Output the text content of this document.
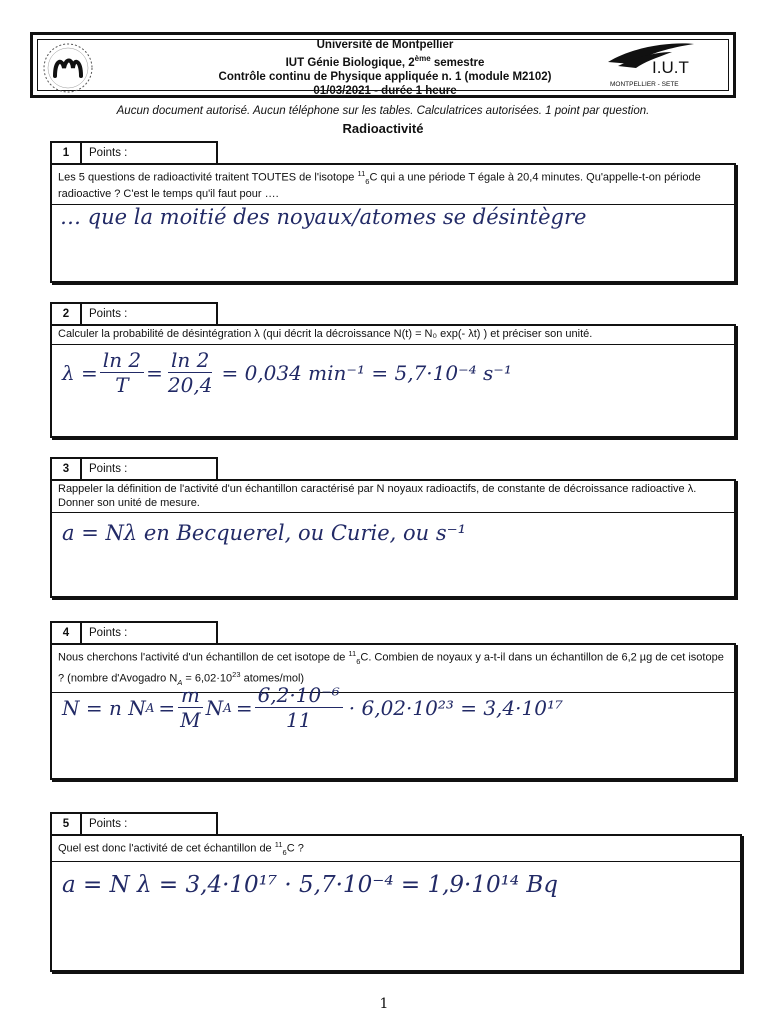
Université de Montpellier
IUT Génie Biologique, 2ème semestre
Contrôle continu de Physique appliquée n. 1 (module M2102)
01/03/2021 - durée 1 heure
I.U.T
MONTPELLIER - SETE
Aucun document autorisé. Aucun téléphone sur les tables. Calculatrices autorisées. 1 point par question.
Radioactivité
1	Points :
Les 5 questions de radioactivité traitent TOUTES de l'isotope $^{11}_6$C qui a une période T égale à 20,4 minutes. Qu'appelle-t-on période radioactive ? C'est le temps qu'il faut pour ….
… que la moitié des noyaux/atomes se désintègre
2	Points :
Calculer la probabilité de désintégration λ (qui décrit la décroissance N(t) = N₀ exp(- λt) ) et préciser son unité.
$\lambda = \frac{\ln 2}{T} = \frac{\ln 2}{20,4} = 0,034$ min⁻¹ = 5,7·10⁻⁴ s⁻¹
3	Points :
Rappeler la définition de l'activité d'un échantillon caractérisé par N noyaux radioactifs, de constante de décroissance radioactive λ. Donner son unité de mesure.
a = Nλ en Becquerel, ou Curie, ou s⁻¹
4	Points :
Nous cherchons l'activité d'un échantillon de cet isotope de $^{11}_6$C. Combien de noyaux y a-t-il dans un échantillon de 6,2 µg de cet isotope ? (nombre d'Avogadro $N_A = 6,02\cdot 10^{23}$ atomes/mol)
N = n N $A = \frac{m}{M}$ N $A = \frac{\text{6,2·10⁻⁶}}{11} \cdot 6,02\cdot 10^{23} = 3,4\cdot 10^{17}$
5	Points :
Quel est donc l'activité de cet échantillon de $^{11}_6$C ?
a = N λ = 3,4·10¹⁷ · 5,7·10⁻⁴ = 1,9·10¹⁴ Bq
1
